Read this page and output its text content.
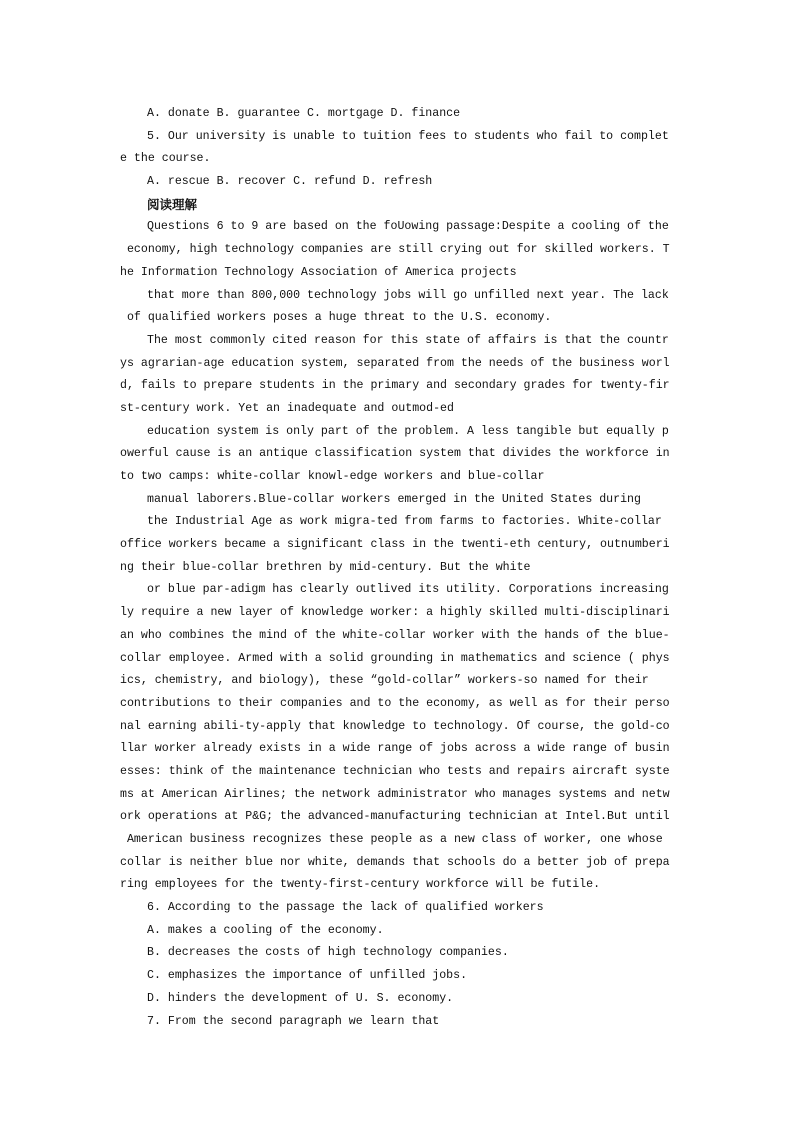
A. donate B. guarantee C. mortgage D. finance
5. Our university is unable to tuition fees to students who fail to complet
e the course.
A. rescue B. recover C. refund D. refresh
阅读理解
Questions 6 to 9 are based on the foUowing passage:Despite a cooling of the
economy, high technology companies are still crying out for skilled workers. T
he Information Technology Association of America projects
that more than 800,000 technology jobs will go unfilled next year. The lack
of qualified workers poses a huge threat to the U.S. economy.
The most commonly cited reason for this state of affairs is that the countr
ys agrarian-age education system, separated from the needs of the business worl
d, fails to prepare students in the primary and secondary grades for twenty-fir
st-century work. Yet an inadequate and outmod-ed
education system is only part of the problem. A less tangible but equally p
owerful cause is an antique classification system that divides the workforce in
to two camps: white-collar knowl-edge workers and blue-collar
manual laborers.Blue-collar workers emerged in the United States during
the Industrial Age as work migra-ted from farms to factories. White-collar
office workers became a significant class in the twenti-eth century, outnumberi
ng their blue-collar brethren by mid-century. But the white
or blue par-adigm has clearly outlived its utility. Corporations increasing
ly require a new layer of knowledge worker: a highly skilled multi-disciplinari
an who combines the mind of the white-collar worker with the hands of the blue-
collar employee. Armed with a solid grounding in mathematics and science ( phys
ics, chemistry, and biology), these “gold-collar” workers-so named for their
contributions to their companies and to the economy, as well as for their perso
nal earning abili-ty-apply that knowledge to technology. Of course, the gold-co
llar worker already exists in a wide range of jobs across a wide range of busin
esses: think of the maintenance technician who tests and repairs aircraft syste
ms at American Airlines; the network administrator who manages systems and netw
ork operations at P&G; the advanced-manufacturing technician at Intel.But until
American business recognizes these people as a new class of worker, one whose
collar is neither blue nor white, demands that schools do a better job of prepa
ring employees for the twenty-first-century workforce will be futile.
6. According to the passage the lack of qualified workers
A. makes a cooling of the economy.
B. decreases the costs of high technology companies.
C. emphasizes the importance of unfilled jobs.
D. hinders the development of U. S. economy.
7. From the second paragraph we learn that
